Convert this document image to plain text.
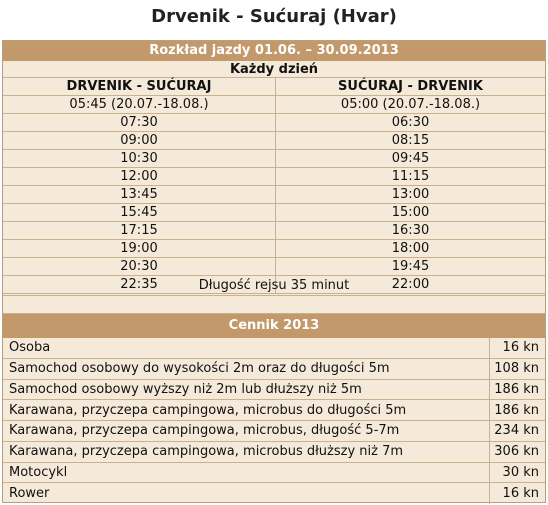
Drvenik - Sućuraj (Hvar)
Rozkład jazdy 01.06. – 30.09.2013
Każdy dzień
DRVENIK - SUĆURAJ	SUĆURAJ - DRVENIK
05:45 (20.07.-18.08.)	05:00 (20.07.-18.08.)
07:30	06:30
09:00	08:15
10:30	09:45
12:00	11:15
13:45	13:00
15:45	15:00
17:15	16:30
19:00	18:00
20:30	19:45
22:35	22:00
Długość rejsu 35 minut
Cennik 2013
Osoba	16 kn
Samochod osobowy do wysokości 2m oraz do długości 5m	108 kn
Samochod osobowy wyższy niż 2m lub dłuższy niż 5m	186 kn
Karawana, przyczepa campingowa, microbus do długości 5m	186 kn
Karawana, przyczepa campingowa, microbus, długość 5-7m	234 kn
Karawana, przyczepa campingowa, microbus dłuższy niż 7m	306 kn
Motocykl	30 kn
Rower	16 kn
